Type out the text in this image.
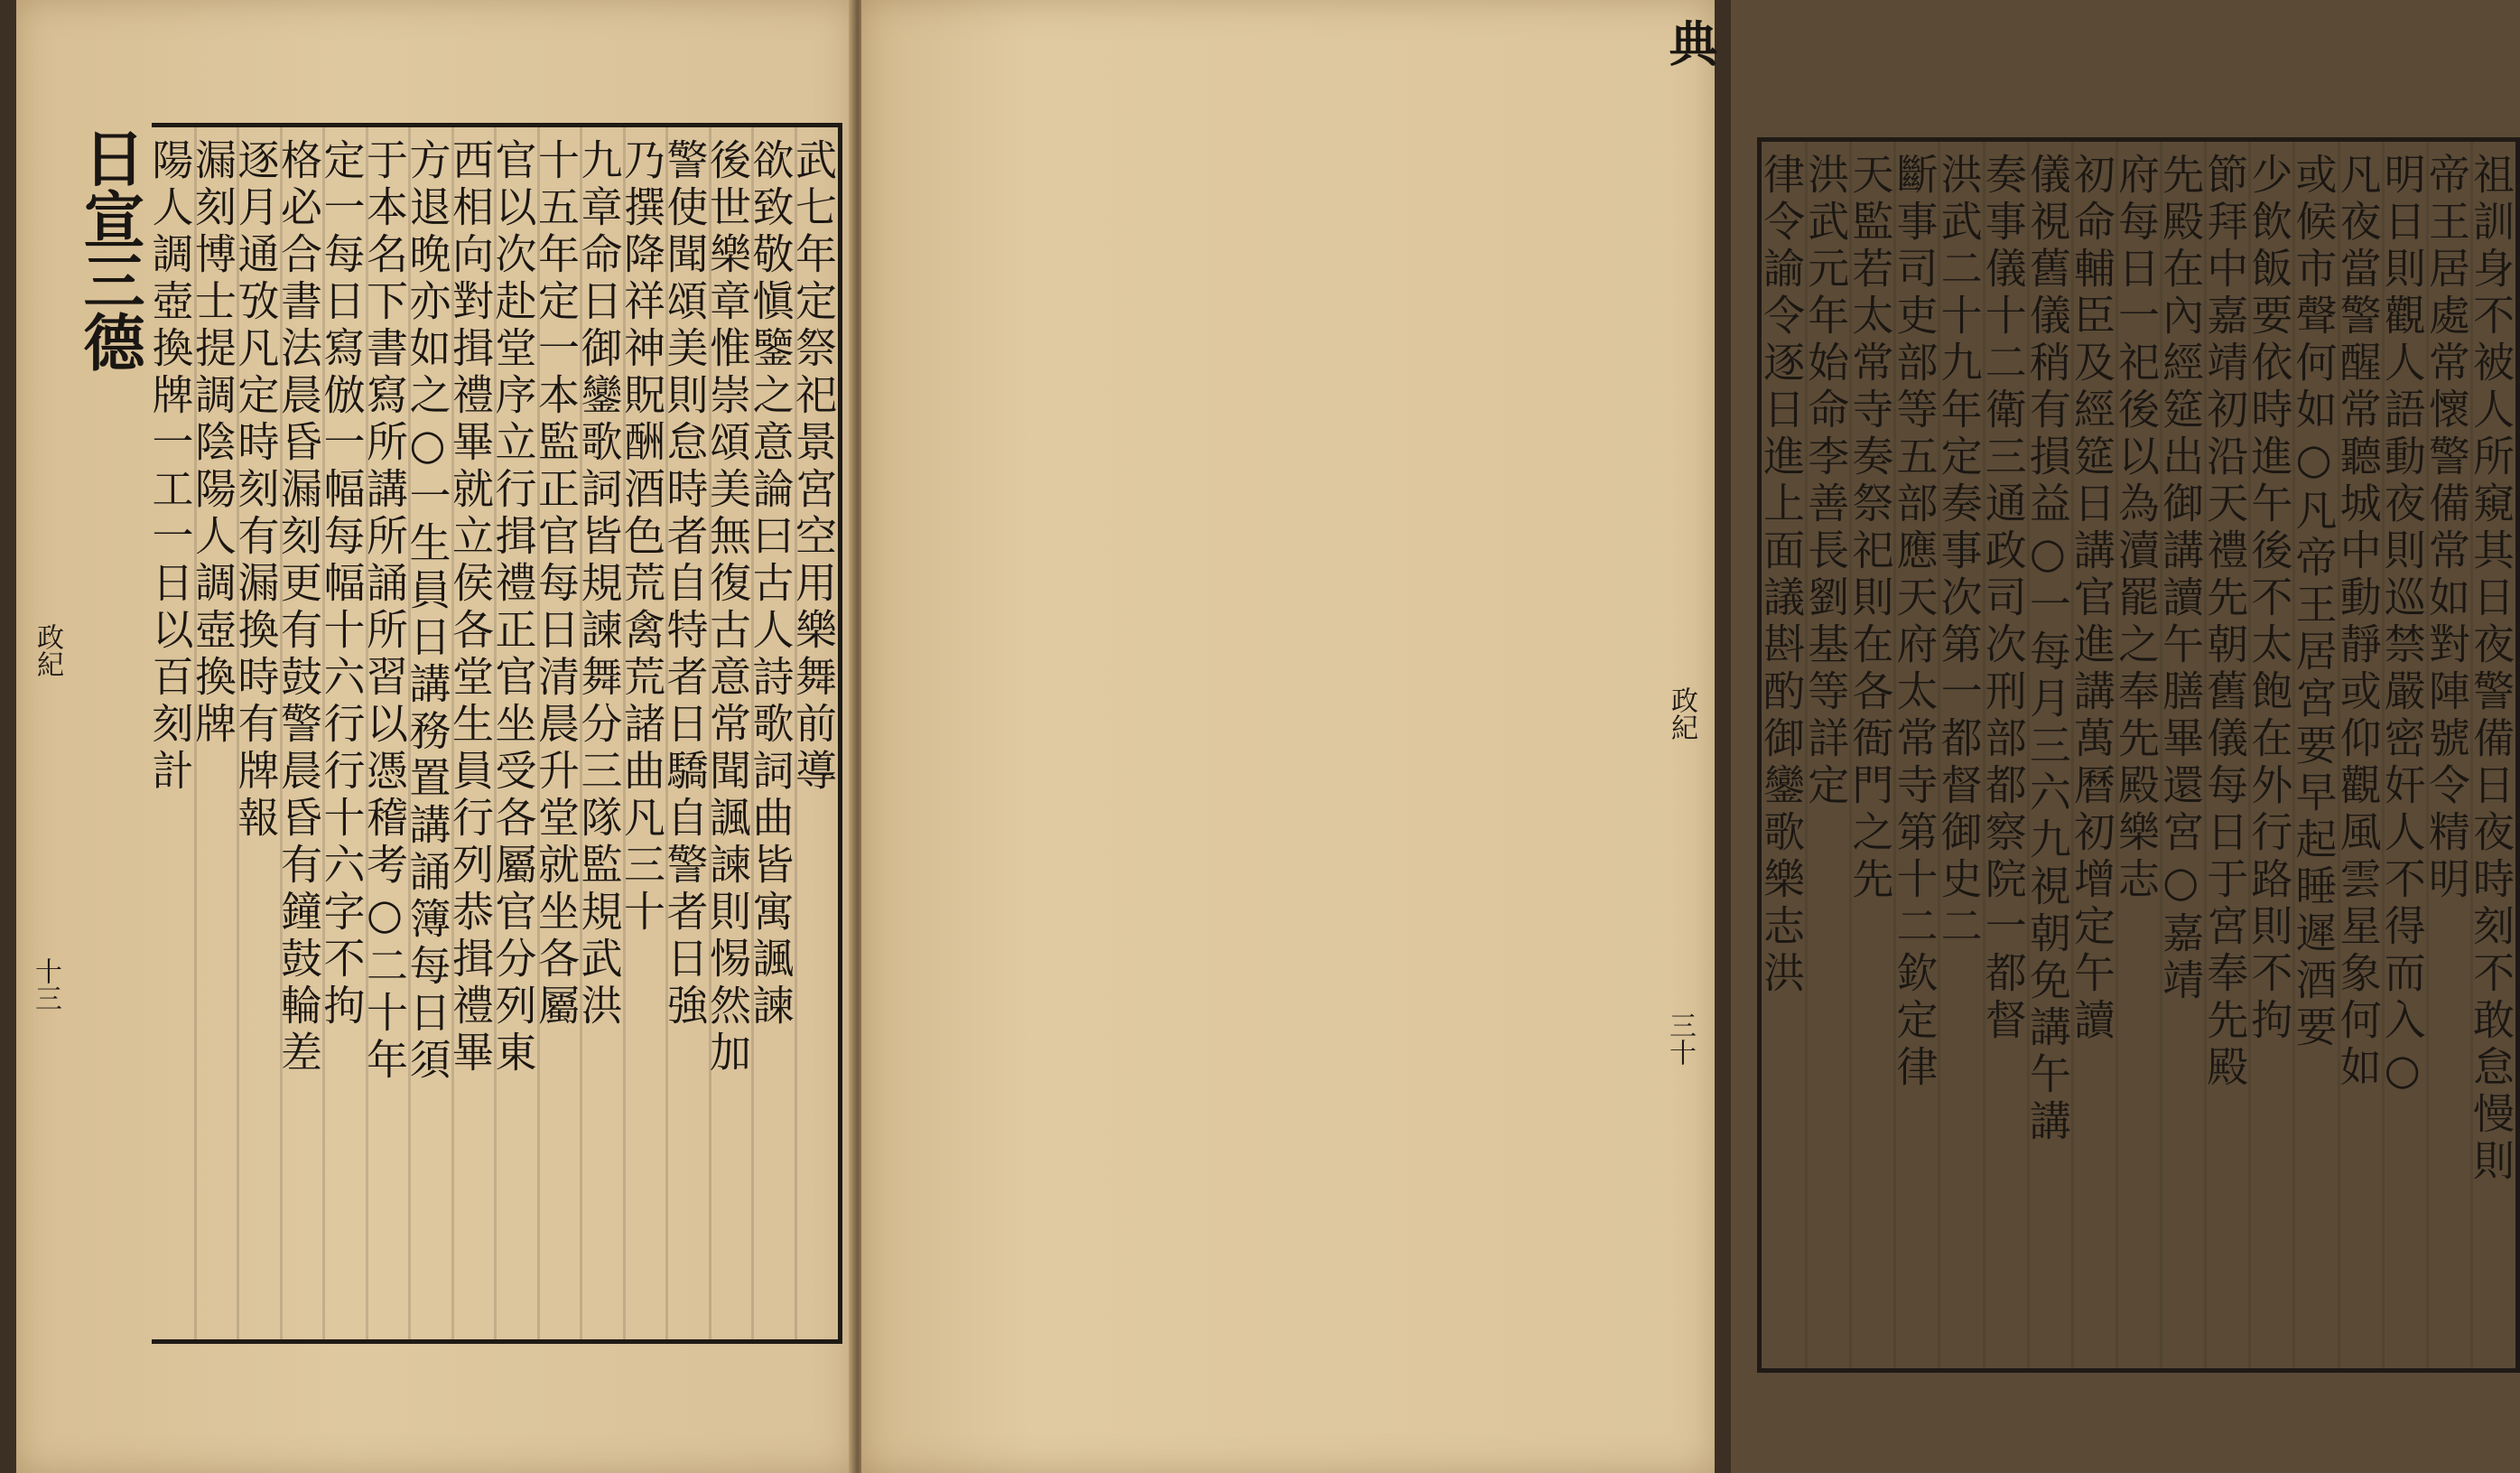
武七年定祭祀景宮空用樂舞前導
欲致敬愼鑒之意論曰古人詩歌詞曲皆寓諷諫
後世樂章惟崇頌美無復古意常聞諷諫則惕然加
警使聞頌美則怠時者自特者日驕自警者日強
乃撰降祥神貺酬酒色荒禽荒諸曲凡三十
九章命日御鑾歌詞皆規諫舞分三隊監規武洪
十五年定一本監正官每日清晨升堂就坐各屬
官以次赴堂序立行揖禮正官坐受各屬官分列東
西相向對揖禮畢就立侯各堂生員行列恭揖禮畢
方退晚亦如之○一生員日講務置講誦簿每日須
于本名下書寫所講所誦所習以憑稽考○二十年
定一每日寫倣一幅每幅十六行行十六字不拘
格必合書法晨昏漏刻更有鼓警晨昏有鐘鼓輪差
逐月通攷凡定時刻有漏換時有牌報
漏刻博士提調陰陽人調壺換牌
陽人調壺換牌一工一日以百刻計
日宣三德
政紀
十三	祖訓身不被人所窺其日夜警備日夜時刻不敢怠慢則
帝王居處常懷警備常如對陣號令精明
明日則觀人語動夜則巡禁嚴密奸人不得而入○
凡夜當警醒常聽城中動靜或仰觀風雲星象何如
或候市聲何如○凡帝王居宮要早起睡遲酒要
少飲飯要依時進午後不太飽在外行路則不拘
節拜中嘉靖初沿天禮先朝舊儀每日于宮奉先殿
先殿在內經筵出御講讀午膳畢還宮○嘉靖
府每日一祀後以為瀆罷之奉先殿樂志
初命輔臣及經筵日講官進講萬曆初增定午讀
儀視舊儀稍有損益○一每月三六九視朝免講午講
奏事儀十二衛三通政司次刑部都察院一都督
洪武二十九年定奏事次第一都督御史二
斷事司吏部等五部應天府太常寺第十二欽定律
天監若太常寺奏祭祀則在各衙門之先
洪武元年始命李善長劉基等詳定
律令諭令逐日進上面議斟酌御鑾歌樂志洪
典
政紀
三十
